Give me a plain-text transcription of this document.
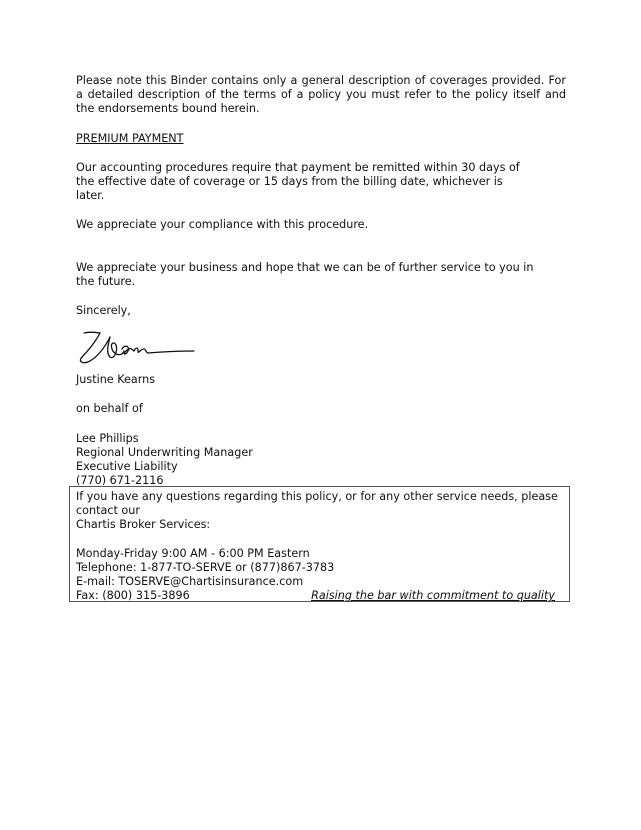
Please note this Binder contains only a general description of coverages provided. For a detailed description of the terms of a policy you must refer to the policy itself and the endorsements bound herein.

PREMIUM PAYMENT

Our accounting procedures require that payment be remitted within 30 days of the effective date of coverage or 15 days from the billing date, whichever is later.

We appreciate your compliance with this procedure.

We appreciate your business and hope that we can be of further service to you in the future.

Sincerely,

Justine Kearns

on behalf of

Lee Phillips
Regional Underwriting Manager
Executive Liability
(770) 671-2116
If you have any questions regarding this policy, or for any other service needs, please contact our
Chartis Broker Services:
Monday-Friday 9:00 AM - 6:00 PM Eastern
Telephone: 1-877-TO-SERVE or (877)867-3783
E-mail: TOSERVE@Chartisinsurance.com
Fax: (800) 315-3896	Raising the bar with commitment to quality
